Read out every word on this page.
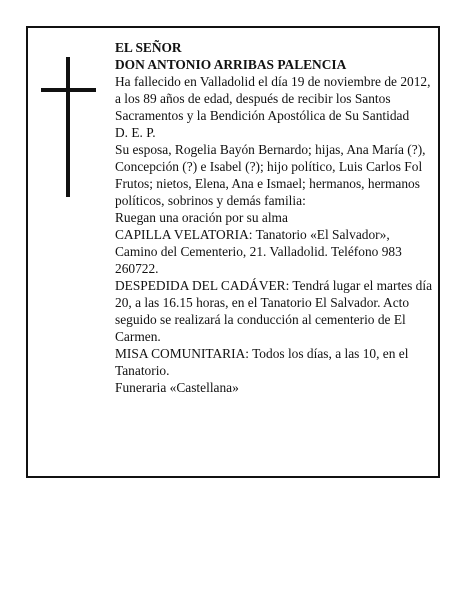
EL SEÑOR

DON ANTONIO ARRIBAS PALENCIA

Ha fallecido en Valladolid el día 19 de noviembre de 2012, a los 89 años de edad, después de recibir los Santos Sacramentos y la Bendición Apostólica de Su Santidad

D. E. P.

Su esposa, Rogelia Bayón Bernardo; hijas, Ana María (?), Concepción (?) e Isabel (?); hijo político, Luis Carlos Fol Frutos; nietos, Elena, Ana e Ismael; hermanos, hermanos políticos, sobrinos y demás familia:

Ruegan una oración por su alma

CAPILLA VELATORIA: Tanatorio «El Salvador», Camino del Cementerio, 21. Valladolid. Teléfono 983 260722.

DESPEDIDA DEL CADÁVER: Tendrá lugar el martes día 20, a las 16.15 horas, en el Tanatorio El Salvador. Acto seguido se realizará la conducción al cementerio de El Carmen.

MISA COMUNITARIA: Todos los días, a las 10, en el Tanatorio.

Funeraria «Castellana»
